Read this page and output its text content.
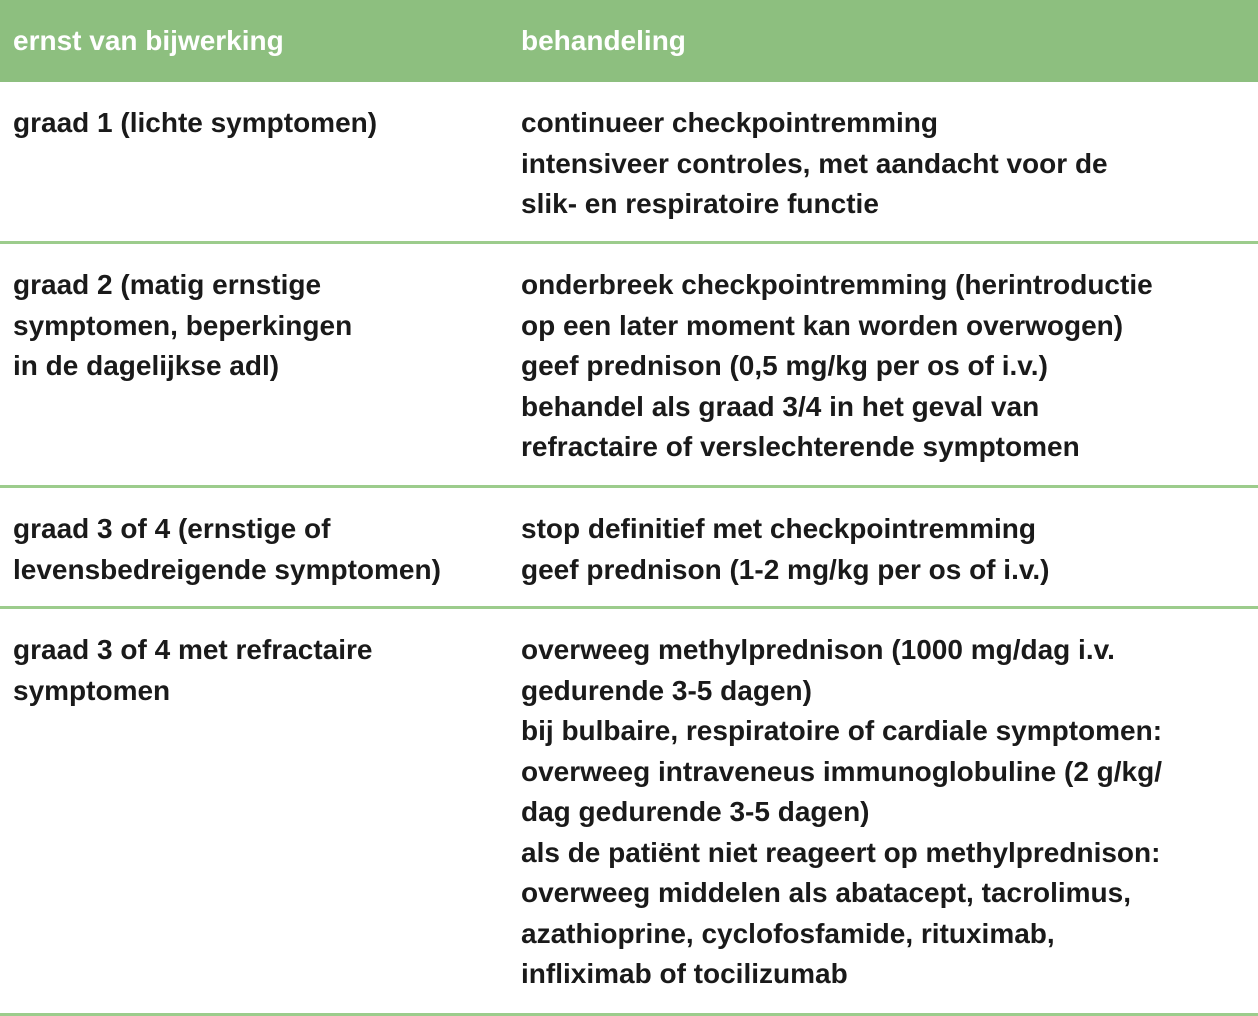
ernst van bijwerking	behandeling
graad 1 (lichte symptomen)	continueer checkpointremming
intensiveer controles, met aandacht voor de
slik- en respiratoire functie
graad 2 (matig ernstige
symptomen, beperkingen
in de dagelijkse adl)
onderbreek checkpointremming (herintroductie
op een later moment kan worden overwogen)
geef prednison (0,5 mg/kg per os of i.v.)
behandel als graad 3/4 in het geval van
refractaire of verslechterende symptomen
graad 3 of 4 (ernstige of
levensbedreigende symptomen)
stop definitief met checkpointremming
geef prednison (1-2 mg/kg per os of i.v.)
graad 3 of 4 met refractaire
symptomen
overweeg methylprednison (1000 mg/dag i.v.
gedurende 3-5 dagen)
bij bulbaire, respiratoire of cardiale symptomen:
overweeg intraveneus immunoglobuline (2 g/kg/
dag gedurende 3-5 dagen)
als de patiënt niet reageert op methylprednison:
overweeg middelen als abatacept, tacrolimus,
azathioprine, cyclofosfamide, rituximab,
infliximab of tocilizumab
